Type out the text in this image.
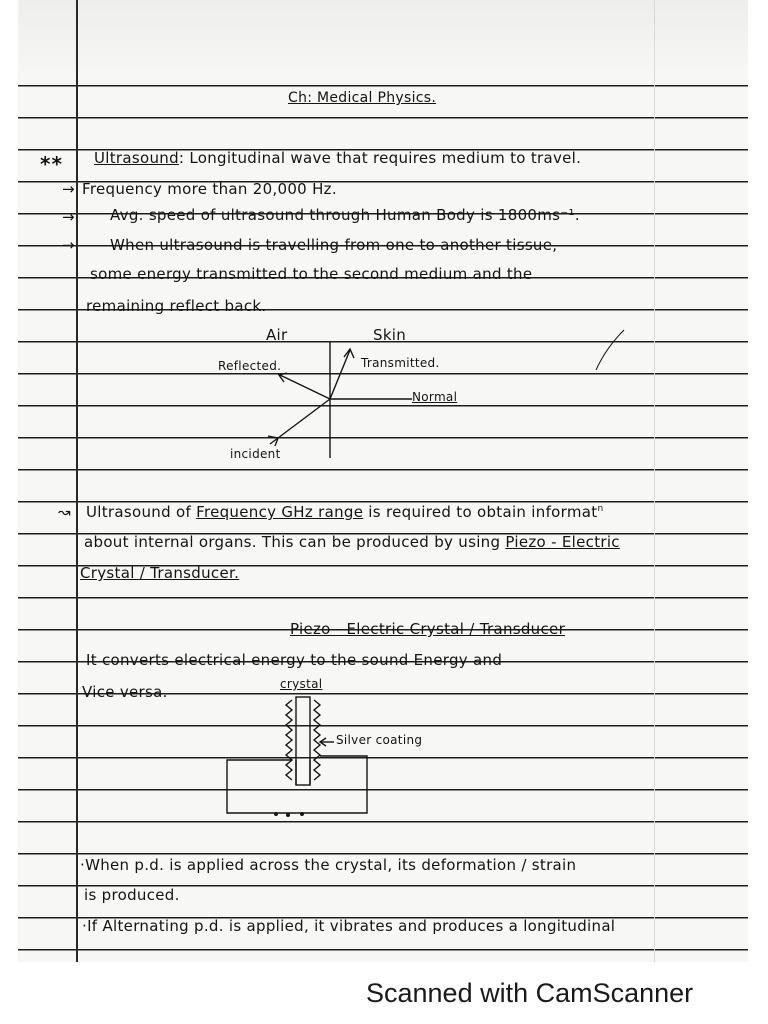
Ch: Medical Physics.
** Ultrasound: Longitudinal wave that requires medium to travel.
→ Frequency more than 20,000 Hz.
→ Avg. speed of ultrasound through Human Body is 1800ms⁻¹.
→ When ultrasound is travelling from one to another tissue,
some energy transmitted to the second medium and the
remaining reflect back.
Air	Skin
Reflected.	Transmitted.
Normal
incident
↝ Ultrasound of Frequency GHz range is required to obtain informat$^n$
about internal organs. This can be produced by using Piezo - Electric
Crystal / Transducer.
Piezo - Electric Crystal / Transducer
It converts electrical energy to the sound Energy and
Vice versa.	crystal
Silver coating
·When p.d. is applied across the crystal, its deformation / strain
is produced.
·If Alternating p.d. is applied, it vibrates and produces a longitudinal
Scanned with CamScanner
